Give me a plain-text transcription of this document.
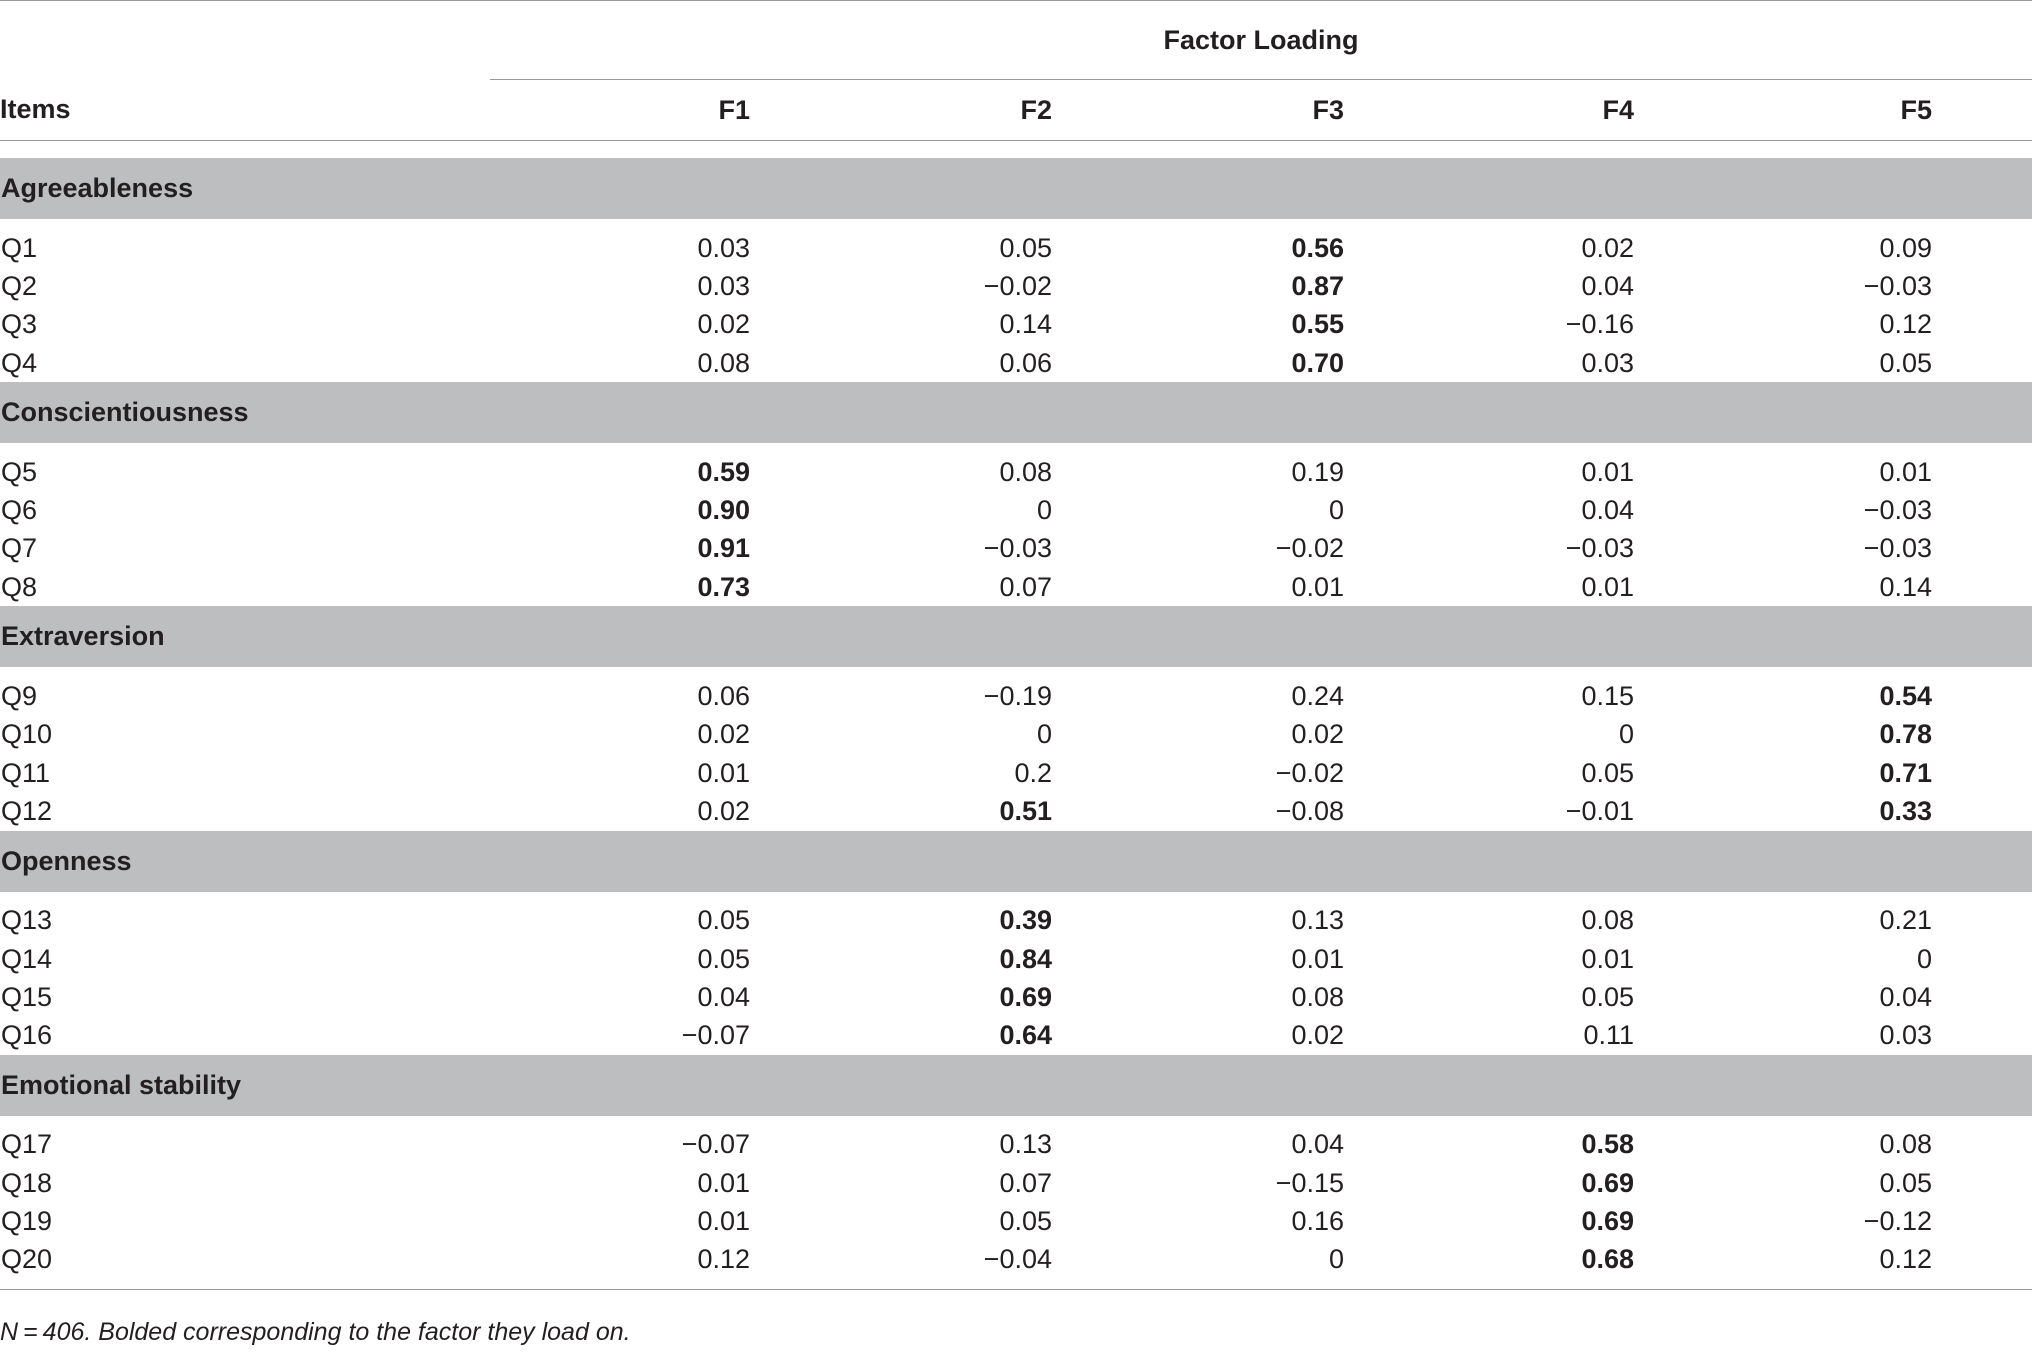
	Factor Loading					
Items	F1	F2	F3	F4	F5	

Agreeableness						

Q1	0.03	0.05	0.56	0.02	0.09	
Q2	0.03	−0.02	0.87	0.04	−0.03	
Q3	0.02	0.14	0.55	−0.16	0.12	
Q4	0.08	0.06	0.70	0.03	0.05	
Conscientiousness						

Q5	0.59	0.08	0.19	0.01	0.01	
Q6	0.90	0	0	0.04	−0.03	
Q7	0.91	−0.03	−0.02	−0.03	−0.03	
Q8	0.73	0.07	0.01	0.01	0.14	
Extraversion						

Q9	0.06	−0.19	0.24	0.15	0.54	
Q10	0.02	0	0.02	0	0.78	
Q11	0.01	0.2	−0.02	0.05	0.71	
Q12	0.02	0.51	−0.08	−0.01	0.33	
Openness						

Q13	0.05	0.39	0.13	0.08	0.21	
Q14	0.05	0.84	0.01	0.01	0	
Q15	0.04	0.69	0.08	0.05	0.04	
Q16	−0.07	0.64	0.02	0.11	0.03	
Emotional stability						

Q17	−0.07	0.13	0.04	0.58	0.08	
Q18	0.01	0.07	−0.15	0.69	0.05	
Q19	0.01	0.05	0.16	0.69	−0.12	
Q20	0.12	−0.04	0	0.68	0.12	

N = 406. Bolded corresponding to the factor they load on.
